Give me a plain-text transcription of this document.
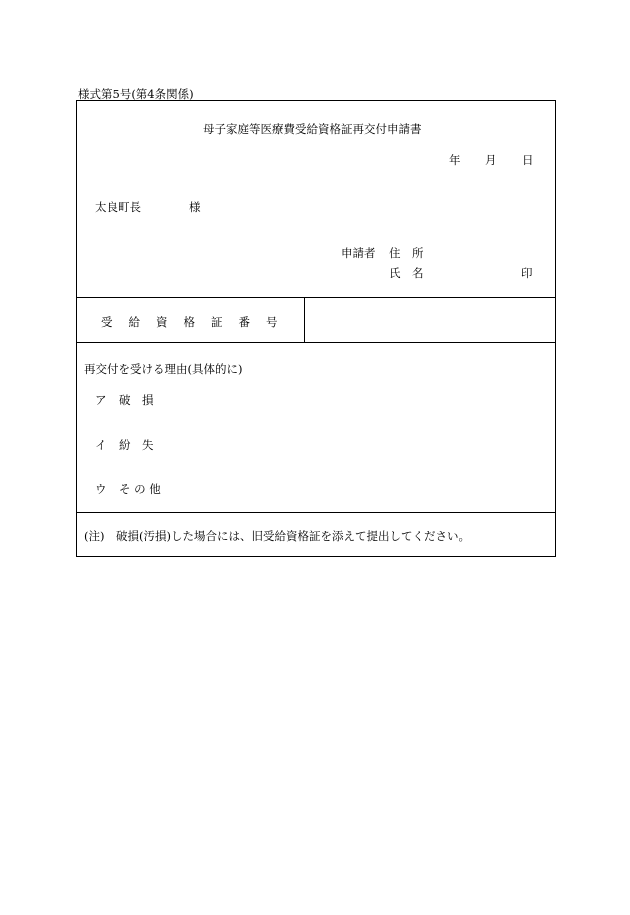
様式第5号(第4条関係)
母子家庭等医療費受給資格証再交付申請書
年 月 日
太良町長	様
申請者 住　所
氏　名	印
受給資格証番号
再交付を受ける理由(具体的に)
ア 破　損
イ 紛　失
ウ そ の 他
(注)　破損(汚損)した場合には、旧受給資格証を添えて提出してください。
